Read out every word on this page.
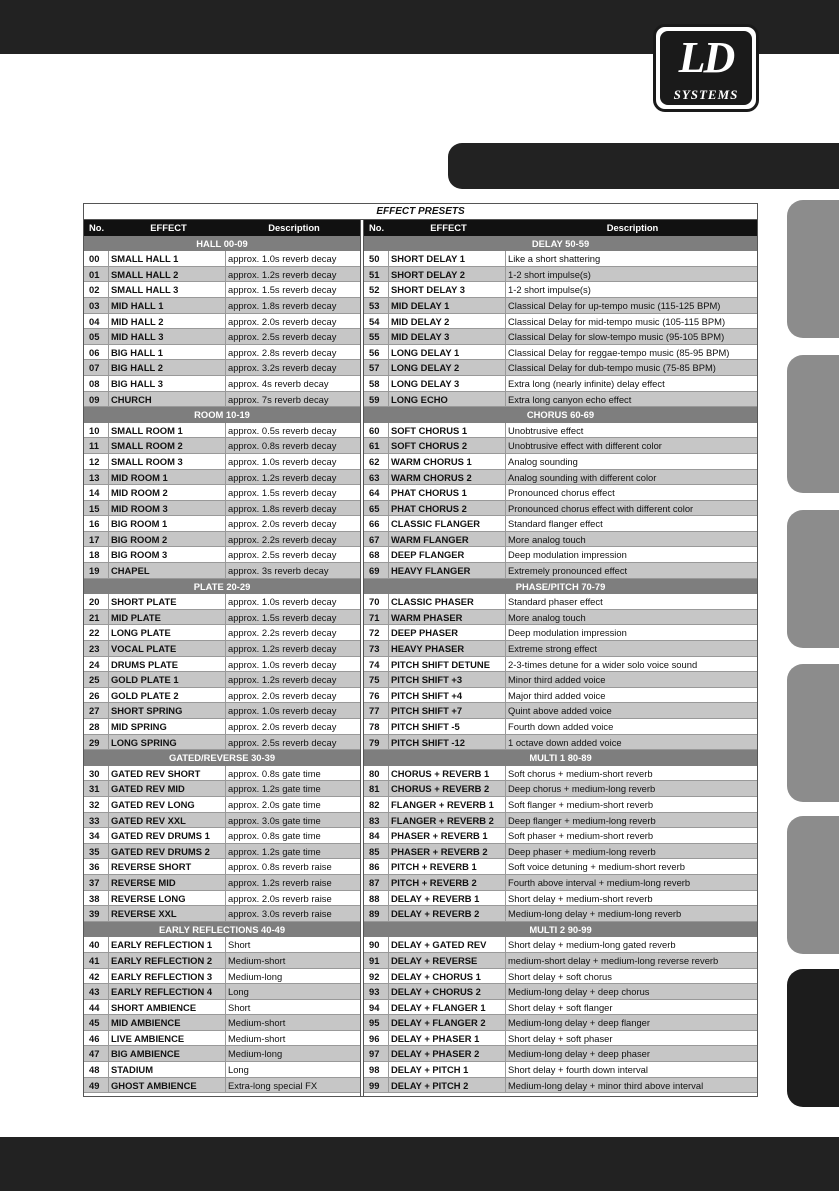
LD
SYSTEMS
EFFECT PRESETS
No.	EFFECT	Description
HALL 00-09
00	SMALL HALL 1	approx. 1.0s reverb decay
01	SMALL HALL 2	approx. 1.2s reverb decay
02	SMALL HALL 3	approx. 1.5s reverb decay
03	MID HALL 1	approx. 1.8s reverb decay
04	MID HALL 2	approx. 2.0s reverb decay
05	MID HALL 3	approx. 2.5s reverb decay
06	BIG HALL 1	approx. 2.8s reverb decay
07	BIG HALL 2	approx. 3.2s reverb decay
08	BIG HALL 3	approx. 4s reverb decay
09	CHURCH	approx. 7s reverb decay
ROOM 10-19
10	SMALL ROOM 1	approx. 0.5s reverb decay
11	SMALL ROOM 2	approx. 0.8s reverb decay
12	SMALL ROOM 3	approx. 1.0s reverb decay
13	MID ROOM 1	approx. 1.2s reverb decay
14	MID ROOM 2	approx. 1.5s reverb decay
15	MID ROOM 3	approx. 1.8s reverb decay
16	BIG ROOM 1	approx. 2.0s reverb decay
17	BIG ROOM 2	approx. 2.2s reverb decay
18	BIG ROOM 3	approx. 2.5s reverb decay
19	CHAPEL	approx. 3s reverb decay
PLATE 20-29
20	SHORT PLATE	approx. 1.0s reverb decay
21	MID PLATE	approx. 1.5s reverb decay
22	LONG PLATE	approx. 2.2s reverb decay
23	VOCAL PLATE	approx. 1.2s reverb decay
24	DRUMS PLATE	approx. 1.0s reverb decay
25	GOLD PLATE 1	approx. 1.2s reverb decay
26	GOLD PLATE 2	approx. 2.0s reverb decay
27	SHORT SPRING	approx. 1.0s reverb decay
28	MID SPRING	approx. 2.0s reverb decay
29	LONG SPRING	approx. 2.5s reverb decay
GATED/REVERSE 30-39
30	GATED REV SHORT	approx. 0.8s gate time
31	GATED REV MID	approx. 1.2s gate time
32	GATED REV LONG	approx. 2.0s gate time
33	GATED REV XXL	approx. 3.0s gate time
34	GATED REV DRUMS 1	approx. 0.8s gate time
35	GATED REV DRUMS 2	approx. 1.2s gate time
36	REVERSE SHORT	approx. 0.8s reverb raise
37	REVERSE MID	approx. 1.2s reverb raise
38	REVERSE LONG	approx. 2.0s reverb raise
39	REVERSE XXL	approx. 3.0s reverb raise
EARLY REFLECTIONS 40-49
40	EARLY REFLECTION 1	Short
41	EARLY REFLECTION 2	Medium-short
42	EARLY REFLECTION 3	Medium-long
43	EARLY REFLECTION 4	Long
44	SHORT AMBIENCE	Short
45	MID AMBIENCE	Medium-short
46	LIVE AMBIENCE	Medium-short
47	BIG AMBIENCE	Medium-long
48	STADIUM	Long
49	GHOST AMBIENCE	Extra-long special FX
No.	EFFECT	Description
DELAY 50-59
50	SHORT DELAY 1	Like a short shattering
51	SHORT DELAY 2	1-2 short impulse(s)
52	SHORT DELAY 3	1-2 short impulse(s)
53	MID DELAY 1	Classical Delay for up-tempo music (115-125 BPM)
54	MID DELAY 2	Classical Delay for mid-tempo music (105-115 BPM)
55	MID DELAY 3	Classical Delay for slow-tempo music (95-105 BPM)
56	LONG DELAY 1	Classical Delay for reggae-tempo music (85-95 BPM)
57	LONG DELAY 2	Classical Delay for dub-tempo music (75-85 BPM)
58	LONG DELAY 3	Extra long (nearly infinite) delay effect
59	LONG ECHO	Extra long canyon echo effect
CHORUS 60-69
60	SOFT CHORUS 1	Unobtrusive effect
61	SOFT CHORUS 2	Unobtrusive effect with different color
62	WARM CHORUS 1	Analog sounding
63	WARM CHORUS 2	Analog sounding with different color
64	PHAT CHORUS 1	Pronounced chorus effect
65	PHAT CHORUS 2	Pronounced chorus effect with different color
66	CLASSIC FLANGER	Standard flanger effect
67	WARM FLANGER	More analog touch
68	DEEP FLANGER	Deep modulation impression
69	HEAVY FLANGER	Extremely pronounced effect
PHASE/PITCH 70-79
70	CLASSIC PHASER	Standard phaser effect
71	WARM PHASER	More analog touch
72	DEEP PHASER	Deep modulation impression
73	HEAVY PHASER	Extreme strong effect
74	PITCH SHIFT DETUNE	2-3-times detune for a wider solo voice sound
75	PITCH SHIFT +3	Minor third added voice
76	PITCH SHIFT +4	Major third added voice
77	PITCH SHIFT +7	Quint above added voice
78	PITCH SHIFT -5	Fourth down added voice
79	PITCH SHIFT -12	1 octave down added voice
MULTI 1 80-89
80	CHORUS + REVERB 1	Soft chorus + medium-short reverb
81	CHORUS + REVERB 2	Deep chorus + medium-long reverb
82	FLANGER + REVERB 1	Soft flanger + medium-short reverb
83	FLANGER + REVERB 2	Deep flanger + medium-long reverb
84	PHASER + REVERB 1	Soft phaser + medium-short reverb
85	PHASER + REVERB 2	Deep phaser + medium-long reverb
86	PITCH + REVERB 1	Soft voice detuning + medium-short reverb
87	PITCH + REVERB 2	Fourth above interval + medium-long reverb
88	DELAY + REVERB 1	Short delay + medium-short reverb
89	DELAY + REVERB 2	Medium-long delay + medium-long reverb
MULTI 2 90-99
90	DELAY + GATED REV	Short delay + medium-long gated reverb
91	DELAY + REVERSE	medium-short delay + medium-long reverse reverb
92	DELAY + CHORUS 1	Short delay + soft chorus
93	DELAY + CHORUS 2	Medium-long delay + deep chorus
94	DELAY + FLANGER 1	Short delay + soft flanger
95	DELAY + FLANGER 2	Medium-long delay + deep flanger
96	DELAY + PHASER 1	Short delay + soft phaser
97	DELAY + PHASER 2	Medium-long delay + deep phaser
98	DELAY + PITCH 1	Short delay + fourth down interval
99	DELAY + PITCH 2	Medium-long delay + minor third above interval
